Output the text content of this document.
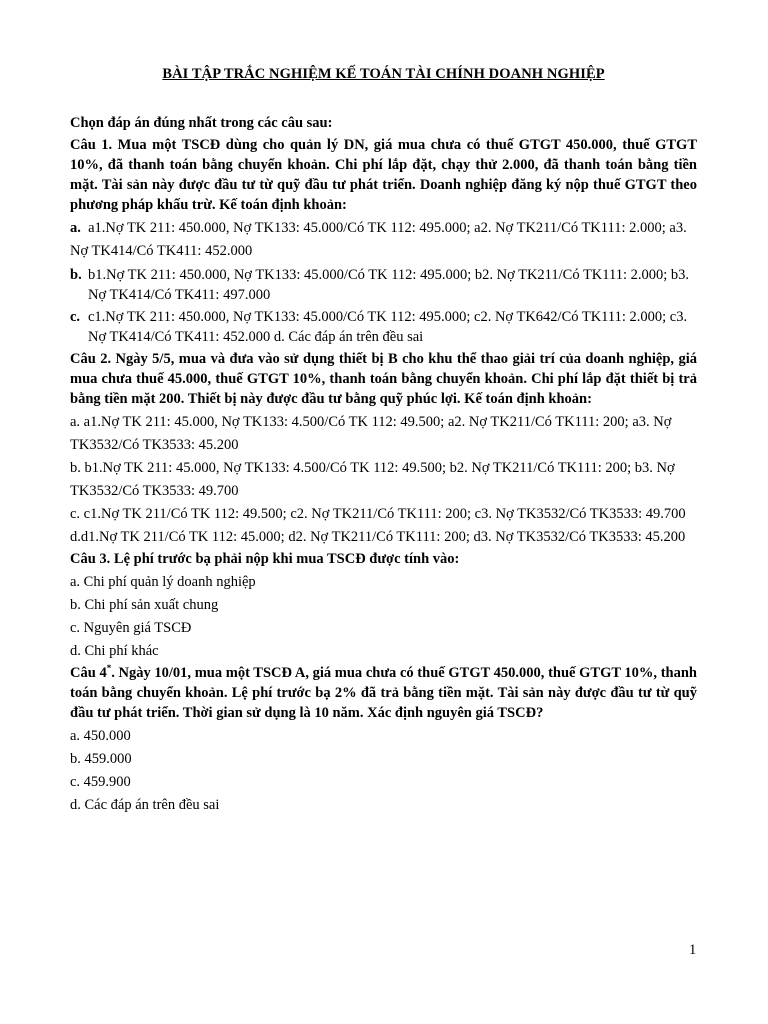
BÀI TẬP TRẮC NGHIỆM KẾ TOÁN TÀI CHÍNH DOANH NGHIỆP
Chọn đáp án đúng nhất trong các câu sau:
Câu 1. Mua một TSCĐ dùng cho quản lý DN, giá mua chưa có thuế GTGT 450.000, thuế GTGT 10%, đã thanh toán bằng chuyển khoản. Chi phí lắp đặt, chạy thử 2.000, đã thanh toán bằng tiền mặt. Tài sản này được đầu tư từ quỹ đầu tư phát triển. Doanh nghiệp đăng ký nộp thuế GTGT theo phương pháp khấu trừ. Kế toán định khoản:
a. a1.Nợ TK 211: 450.000, Nợ TK133: 45.000/Có TK 112: 495.000; a2. Nợ TK211/Có TK111: 2.000; a3. Nợ TK414/Có TK411: 452.000
b. b1.Nợ TK 211: 450.000, Nợ TK133: 45.000/Có TK 112: 495.000; b2. Nợ TK211/Có TK111: 2.000; b3. Nợ TK414/Có TK411: 497.000
c. c1.Nợ TK 211: 450.000, Nợ TK133: 45.000/Có TK 112: 495.000; c2. Nợ TK642/Có TK111: 2.000; c3. Nợ TK414/Có TK411: 452.000 d. Các đáp án trên đều sai
Câu 2. Ngày 5/5, mua và đưa vào sử dụng thiết bị B cho khu thể thao giải trí của doanh nghiệp, giá mua chưa thuế 45.000, thuế GTGT 10%, thanh toán bằng chuyển khoản. Chi phí lắp đặt thiết bị trả bằng tiền mặt 200. Thiết bị này được đầu tư bằng quỹ phúc lợi. Kế toán định khoản:
a. a1.Nợ TK 211: 45.000, Nợ TK133: 4.500/Có TK 112: 49.500; a2. Nợ TK211/Có TK111: 200; a3. Nợ TK3532/Có TK3533: 45.200
b. b1.Nợ TK 211: 45.000, Nợ TK133: 4.500/Có TK 112: 49.500; b2. Nợ TK211/Có TK111: 200; b3. Nợ TK3532/Có TK3533: 49.700
c. c1.Nợ TK 211/Có TK 112: 49.500; c2. Nợ TK211/Có TK111: 200; c3. Nợ TK3532/Có TK3533: 49.700
d.d1.Nợ TK 211/Có TK 112: 45.000; d2. Nợ TK211/Có TK111: 200; d3. Nợ TK3532/Có TK3533: 45.200
Câu 3. Lệ phí trước bạ phải nộp khi mua TSCĐ được tính vào:
a. Chi phí quản lý doanh nghiệp
b. Chi phí sản xuất chung
c. Nguyên giá TSCĐ
d. Chi phí khác
Câu 4*. Ngày 10/01, mua một TSCĐ A, giá mua chưa có thuế GTGT 450.000, thuế GTGT 10%, thanh toán bằng chuyển khoản. Lệ phí trước bạ 2% đã trả bằng tiền mặt. Tài sản này được đầu tư từ quỹ đầu tư phát triển. Thời gian sử dụng là 10 năm. Xác định nguyên giá TSCĐ?
a. 450.000
b. 459.000
c. 459.900
d. Các đáp án trên đều sai
1
